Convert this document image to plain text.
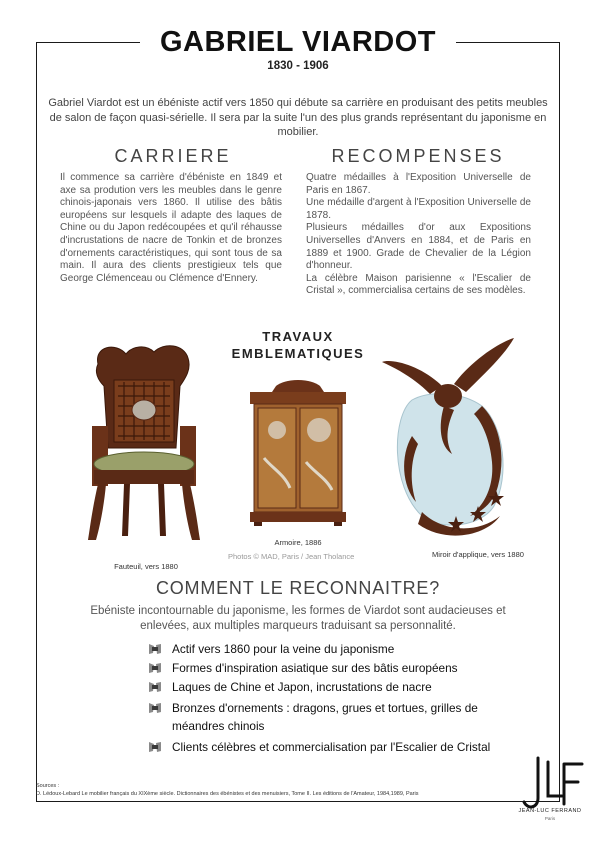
GABRIEL VIARDOT
1830 - 1906
Gabriel Viardot est un ébéniste actif vers 1850 qui débute sa carrière en produisant des petits meubles de salon de façon quasi-sérielle. Il sera par la suite l'un des plus grands représentant du japonisme en mobilier.
CARRIERE
Il commence sa carrière d'ébéniste en 1849 et axe sa prodution vers les meubles dans le genre chinois-japonais vers 1860. Il utilise des bâtis européens sur lesquels il adapte des laques de Chine ou du Japon redécoupées et qu'il réhausse d'incrustations de nacre de Tonkin et de bronzes d'ornements caractéristiques, qui sont tous de sa main. Il aura des clients prestigieux tels que George Clémenceau ou Clémence d'Ennery.
RECOMPENSES
Quatre médailles à l'Exposition Universelle de Paris en 1867.
Une médaille d'argent à l'Exposition Universelle de 1878.
Plusieurs médailles d'or aux Expositions Universelles d'Anvers en 1884, et de Paris en 1889 et 1900. Grade de Chevalier de la Légion d'honneur.
La célèbre Maison parisienne « l'Escalier de Cristal », commercialisa certains de ses modèles.
TRAVAUX
EMBLEMATIQUES
Fauteuil, vers 1880
Armoire, 1886
Photos © MAD, Paris / Jean Tholance	Miroir d'applique, vers 1880
COMMENT LE RECONNAITRE?
Ebéniste incontournable du japonisme, les formes de Viardot sont audacieuses et enlevées, aux multiples marqueurs traduisant sa personnalité.
Actif vers 1860 pour la veine du japonisme
Formes d'inspiration asiatique sur des bâtis européens
Laques de Chine et Japon, incrustations de nacre
Bronzes d'ornements : dragons, grues et tortues, grilles de méandres chinois
Clients célèbres et commercialisation par l'Escalier de Cristal
Sources :
D. Lédoux-Lebard Le mobilier français du XIXème siècle. Dictionnaires des ébénistes et des menuisiers, Tome II. Les éditions de l'Amateur, 1984,1989, Paris
JEAN-LUC FERRAND
Paris
